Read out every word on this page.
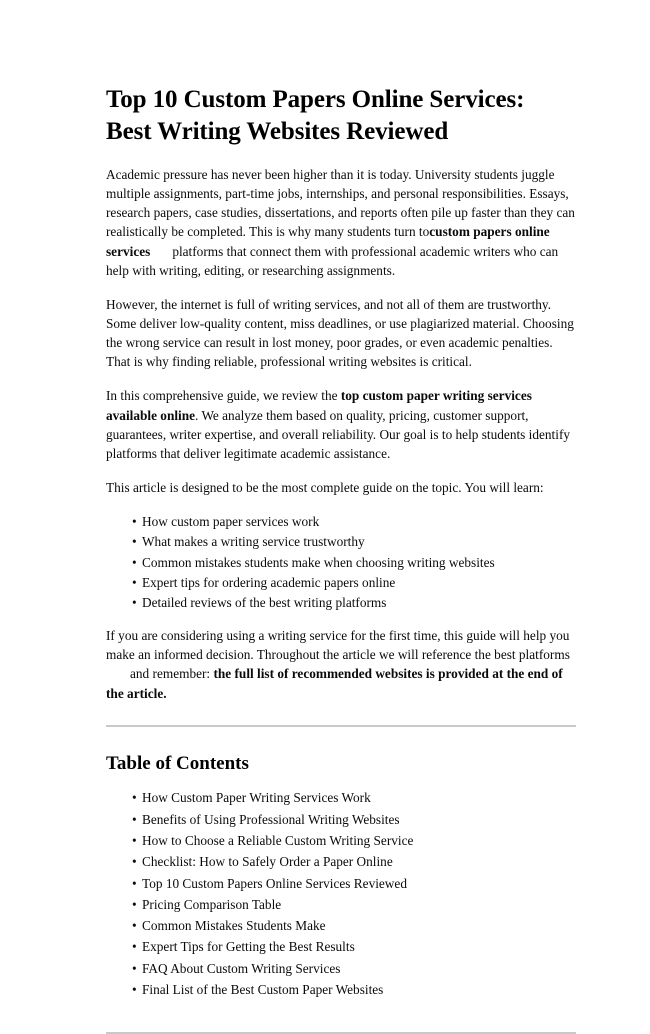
Top 10 Custom Papers Online Services:
Best Writing Websites Reviewed

Academic pressure has never been higher than it is today. University students juggle multiple assignments, part-time jobs, internships, and personal responsibilities. Essays, research papers, case studies, dissertations, and reports often pile up faster than they can realistically be completed. This is why many students turn tocustom papers online services platforms that connect them with professional academic writers who can help with writing, editing, or researching assignments.

However, the internet is full of writing services, and not all of them are trustworthy. Some deliver low-quality content, miss deadlines, or use plagiarized material. Choosing the wrong service can result in lost money, poor grades, or even academic penalties. That is why finding reliable, professional writing websites is critical.

In this comprehensive guide, we review the top custom paper writing services available online. We analyze them based on quality, pricing, customer support, guarantees, writer expertise, and overall reliability. Our goal is to help students identify platforms that deliver legitimate academic assistance.

This article is designed to be the most complete guide on the topic. You will learn:

• How custom paper services work
• What makes a writing service trustworthy
• Common mistakes students make when choosing writing websites
• Expert tips for ordering academic papers online
• Detailed reviews of the best writing platforms

If you are considering using a writing service for the first time, this guide will help you make an informed decision. Throughout the article we will reference the best platformsand remember: the full list of recommended websites is provided at the end of the article.

Table of Contents
• How Custom Paper Writing Services Work
• Benefits of Using Professional Writing Websites
• How to Choose a Reliable Custom Writing Service
• Checklist: How to Safely Order a Paper Online
• Top 10 Custom Papers Online Services Reviewed
• Pricing Comparison Table
• Common Mistakes Students Make
• Expert Tips for Getting the Best Results
• FAQ About Custom Writing Services
• Final List of the Best Custom Paper Websites
